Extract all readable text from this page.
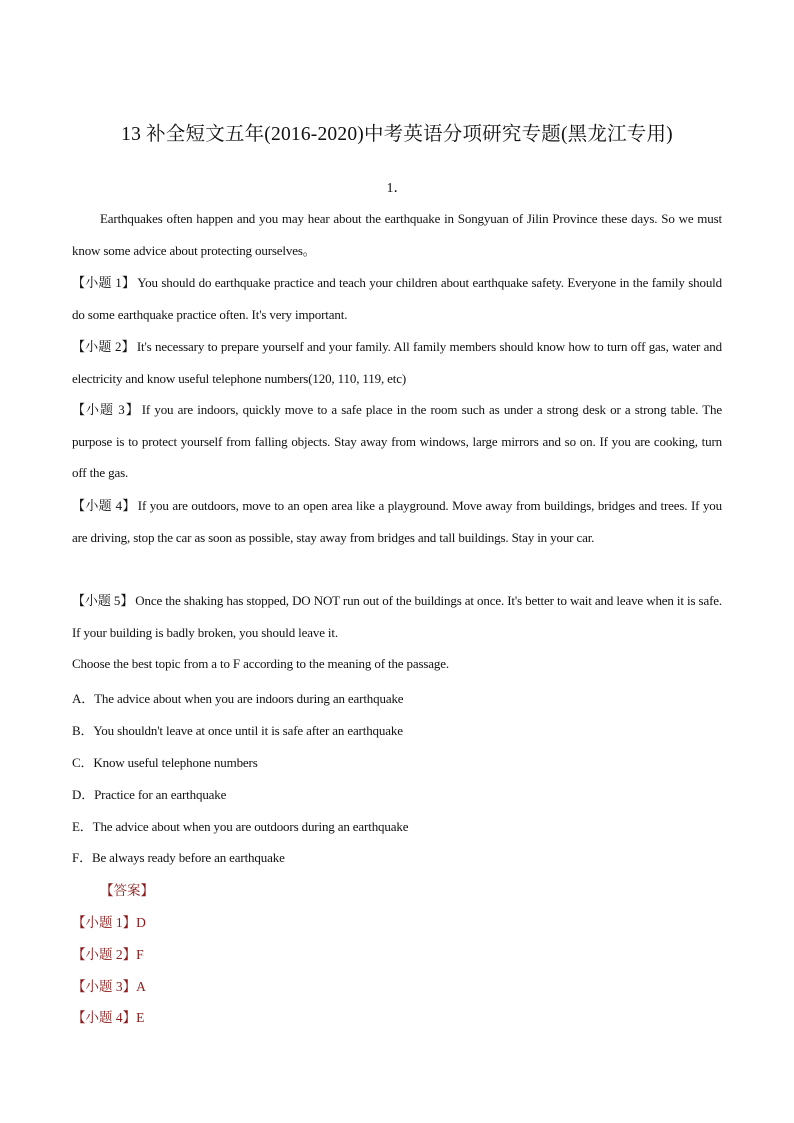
13 补全短文五年(2016-2020)中考英语分项研究专题(黑龙江专用)
1．
Earthquakes often happen and you may hear about the earthquake in Songyuan of Jilin Province these days. So we must know some advice about protecting ourselves。
【小题 1】 You should do earthquake practice and teach your children about earthquake safety. Everyone in the family should do some earthquake practice often. It's very important.
【小题 2】 It's necessary to prepare yourself and your family. All family members should know how to turn off gas, water and electricity and know useful telephone numbers(120, 110, 119, etc)
【小题 3】 If you are indoors, quickly move to a safe place in the room such as under a strong desk or a strong table. The purpose is to protect yourself from falling objects. Stay away from windows, large mirrors and so on. If you are cooking, turn off the gas.
【小题 4】 If you are outdoors, move to an open area like a playground. Move away from buildings, bridges and trees. If you are driving, stop the car as soon as possible, stay away from bridges and tall buildings. Stay in your car.
【小题 5】 Once the shaking has stopped, DO NOT run out of the buildings at once. It's better to wait and leave when it is safe. If your building is badly broken, you should leave it.
Choose the best topic from a to F according to the meaning of the passage.
A．The advice about when you are indoors during an earthquake
B．You shouldn't leave at once until it is safe after an earthquake
C．Know useful telephone numbers
D．Practice for an earthquake
E．The advice about when you are outdoors during an earthquake
F．Be always ready before an earthquake
【答案】
【小题 1】D
【小题 2】F
【小题 3】A
【小题 4】E
